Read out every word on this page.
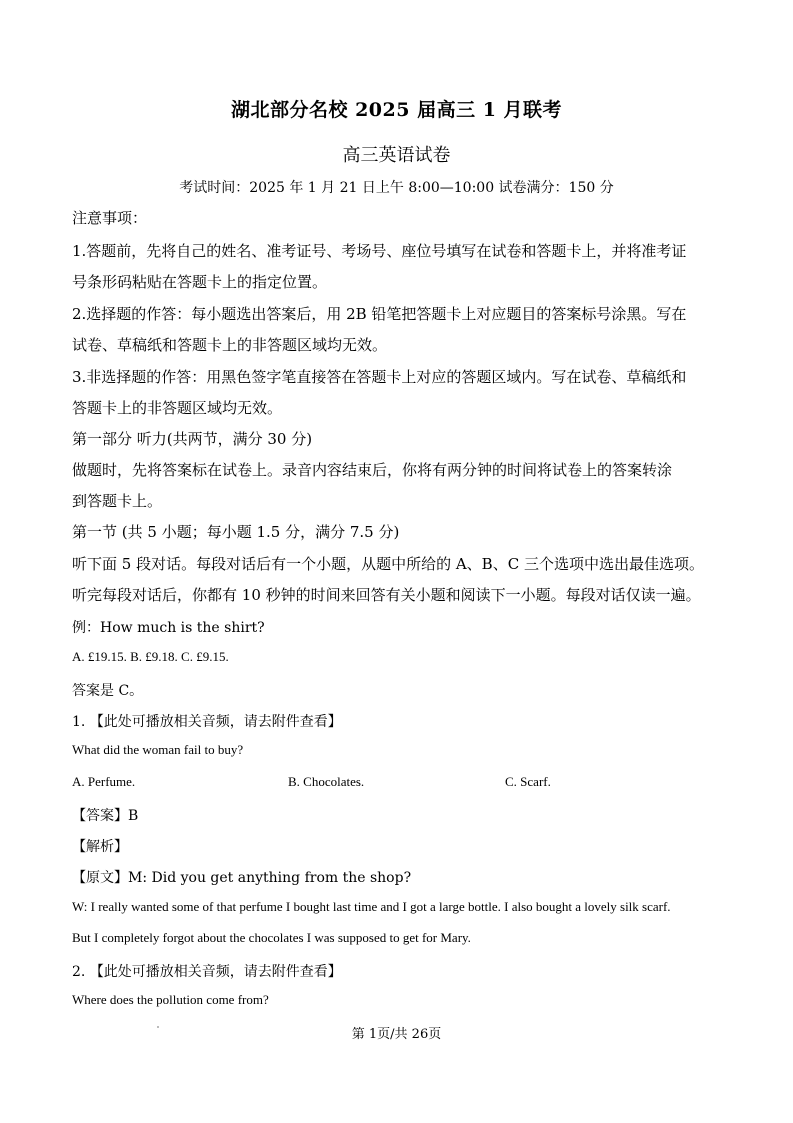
湖北部分名校 2025 届高三 1 月联考
高三英语试卷
考试时间：2025 年 1 月 21 日上午 8:00—10:00 试卷满分：150 分
注意事项：
1.答题前，先将自己的姓名、准考证号、考场号、座位号填写在试卷和答题卡上，并将准考证
号条形码粘贴在答题卡上的指定位置。
2.选择题的作答：每小题选出答案后，用 2B 铅笔把答题卡上对应题目的答案标号涂黑。写在
试卷、草稿纸和答题卡上的非答题区域均无效。
3.非选择题的作答：用黑色签字笔直接答在答题卡上对应的答题区域内。写在试卷、草稿纸和
答题卡上的非答题区域均无效。
第一部分 听力(共两节，满分 30 分)
做题时，先将答案标在试卷上。录音内容结束后，你将有两分钟的时间将试卷上的答案转涂
到答题卡上。
第一节 (共 5 小题；每小题 1.5 分，满分 7.5 分)
听下面 5 段对话。每段对话后有一个小题，从题中所给的 A、B、C 三个选项中选出最佳选项。
听完每段对话后，你都有 10 秒钟的时间来回答有关小题和阅读下一小题。每段对话仅读一遍。
例：How much is the shirt?
A. £19.15. B. £9.18. C. £9.15.
答案是 C。
1. 【此处可播放相关音频，请去附件查看】
What did the woman fail to buy?
A. Perfume.	B. Chocolates.	C. Scarf.
【答案】B
【解析】
【原文】M: Did you get anything from the shop?
W: I really wanted some of that perfume I bought last time and I got a large bottle. I also bought a lovely silk scarf.
But I completely forgot about the chocolates I was supposed to get for Mary.
2. 【此处可播放相关音频，请去附件查看】
Where does the pollution come from?
第 1页/共 26页
